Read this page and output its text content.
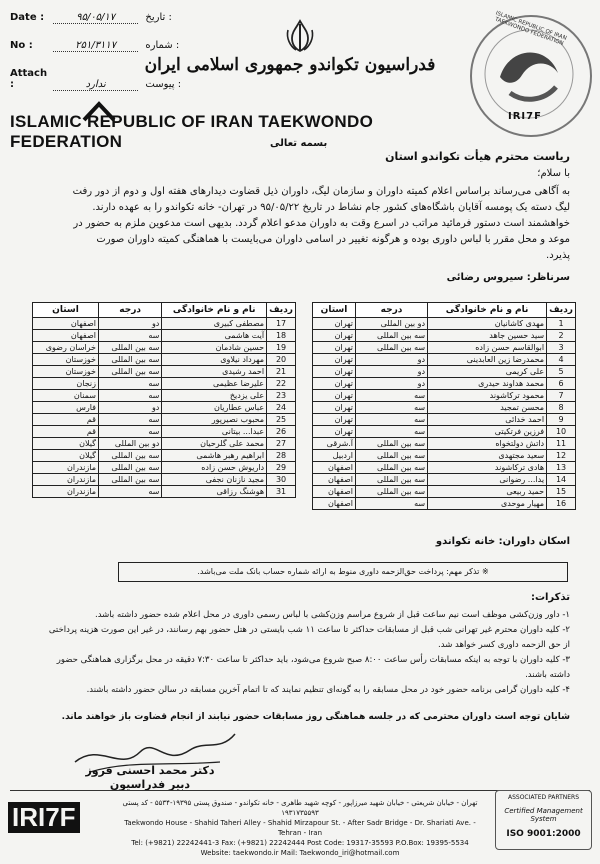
Date :	۹۵/۰۵/۱۷	تاریخ :
No :	۲۵۱/۳۱۱۷	شماره :
Attach :	ندارد	پیوست :
فدراسیون تکواندو جمهوری اسلامی ایران
ISLAMIC REPUBLIC OF IRAN TAEKWONDO FEDERATION
IRI7F
ISLAMIC REPUBLIC OF IRAN TAEKWONDO FEDERATION	بسمه تعالی
ریاست محترم هیأت تکواندو استان
با سلام؛
به آگاهی می‌رساند براساس اعلام کمیته داوران و سازمان لیگ، داوران ذیل قضاوت دیدارهای هفته اول و دوم از دور رفت لیگ دسته یک پومسه آقایان باشگاه‌های کشور جام نشاط در تاریخ ۹۵/۰۵/۲۲ در تهران- خانه تکواندو را به عهده دارند. خواهشمند است دستور فرمائید مراتب در اسرع وقت به داوران مدعو اعلام گردد. بدیهی است مدعوین ملزم به حضور در موعد و محل مقرر با لباس داوری بوده و هرگونه تغییر در اسامی داوران می‌بایست با هماهنگی کمیته داوران صورت پذیرد.
سرناظر: سیروس رضائی
ردیف	نام و نام خانوادگی	درجه	استان
1	مهدی کاشانیان	دو بین المللی	تهران
2	سید حسین جاهد	سه بین المللی	تهران
3	ابوالقاسم حسن زاده	سه بین المللی	تهران
4	محمدرضا زین العابدینی	دو	تهران
5	علی کریمی	دو	تهران
6	محمد هداوند حیدری	دو	تهران
7	محمود ترکاشوند	سه	تهران
8	محسن تمجید	سه	تهران
9	احمد خدائی	سه	تهران
10	فرزین فرتکیتی	سه	تهران
11	داتش دولتخواه	سه بین المللی	آ.شرقی
12	سعید مجتهدی	سه بین المللی	اردبیل
13	هادی ترکاشوند	سه بین المللی	اصفهان
14	یدا... رضوانی	سه بین المللی	اصفهان
15	حمید ربیعی	سه بین المللی	اصفهان
16	مهیار موحدی	سه	اصفهان
ردیف	نام و نام خانوادگی	درجه	استان
17	مصطفی کبیری	دو	اصفهان
18	آیت هاشمی	سه	اصفهان
19	حسین شادمان	سه بین المللی	خراسان رضوی
20	مهرداد نیلاوی	سه بین المللی	خوزستان
21	احمد رشیدی	سه بین المللی	خوزستان
22	علیرضا عظیمی	سه	زنجان
23	علی یزدیخ	سه	سمنان
24	عباس عطاریان	دو	فارس
25	محبوب نصیرپور	سه	قم
26	عبدا... بیتانی	سه	قم
27	محمد علی گلرحیان	دو بین المللی	گیلان
28	ابراهیم رهبر هاشمی	سه بین المللی	گیلان
29	داریوش حسن زاده	سه بین المللی	مازندران
30	مجید نازنان نجفی	سه بین المللی	مازندران
31	هوشنگ رزاقی	سه	مازندران
اسکان داوران: خانه تکواندو
※ تذکر مهم: پرداخت حق‌الزحمه داوری منوط به ارائه شماره حساب بانک ملت می‌باشد.
تذکرات:
۱- داور وزن‌کشی موظف است نیم ساعت قبل از شروع مراسم وزن‌کشی با لباس رسمی داوری در محل اعلام شده حضور داشته باشد.
۲- کلیه داوران محترم غیر تهرانی شب قبل از مسابقات حداکثر تا ساعت ۱۱ شب بایستی در هتل حضور بهم رسانند، در غیر این صورت هزینه پرداختی از حق الزحمه داوری کسر خواهد شد.
۳- کلیه داوران با توجه به اینکه مسابقات رأس ساعت ۸:۰۰ صبح شروع می‌شود، باید حداکثر تا ساعت ۷:۳۰ دقیقه در محل برگزاری هماهنگی حضور داشته باشند.
۴- کلیه داوران گرامی برنامه حضور خود در محل مسابقه را به گونه‌ای تنظیم نمایند که تا اتمام آخرین مسابقه در سالن حضور داشته باشند.
شایان توجه است داوران محترمی که در جلسه هماهنگی روز مسابقات حضور نیابند از انجام قضاوت باز خواهند ماند.
دکتر محمد احسنی فروز
دبیر فدراسیون
IRI7F	تهران - خیابان شریعتی - خیابان شهید میرزاپور - کوچه شهید طاهری - خانه تکواندو - صندوق پستی ۱۹۳۹۵-۵۵۳۴ - کد پستی ۱۹۳۱۷۳۵۵۹۳
Taekwondo House - Shahid Taheri Alley - Shahid Mirzapour St. - After Sadr Bridge - Dr. Shariati Ave. - Tehran - Iran
Tel: (+9821) 22242441-3 Fax: (+9821) 22242444 Post Code: 19317-35593 P.O.Box: 19395-5534
Website: taekwondo.ir Mail: Taekwondo_iri@hotmail.com
ASSOCIATED PARTNERS
Certified Management System
ISO 9001:2000
